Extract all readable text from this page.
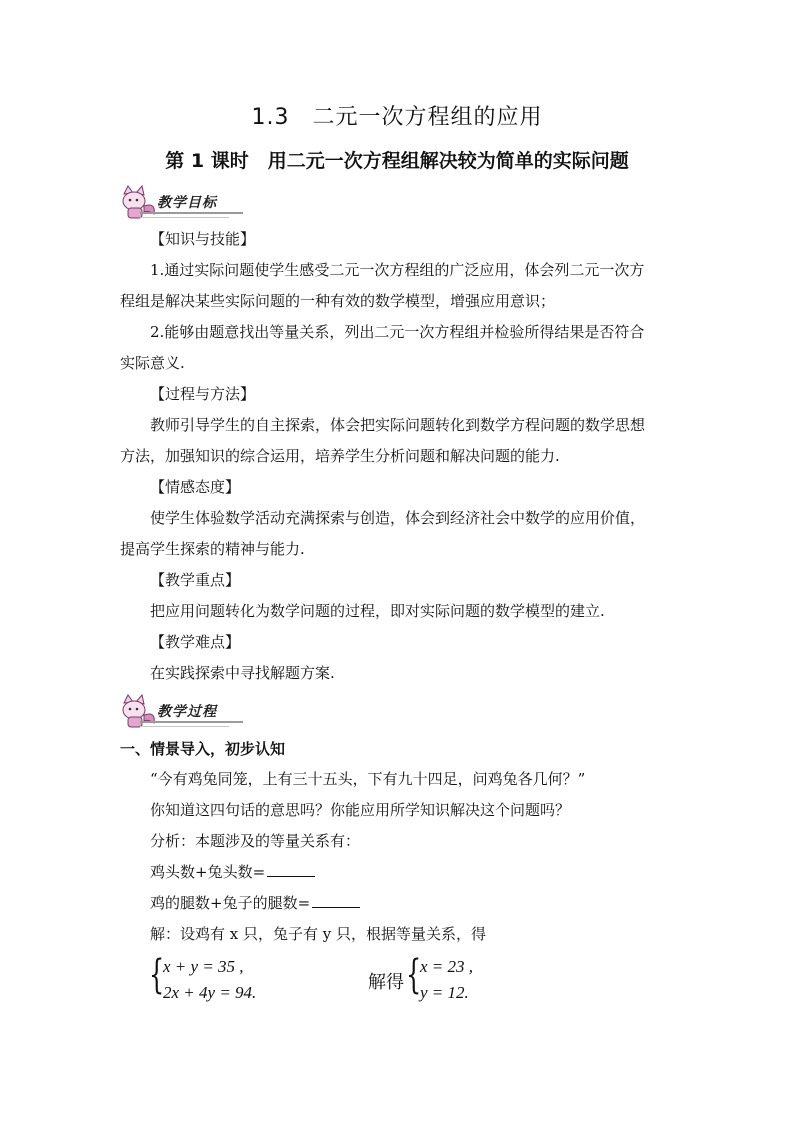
1.3　二元一次方程组的应用
第 1 课时　用二元一次方程组解决较为简单的实际问题
教学目标
【知识与技能】
1.通过实际问题使学生感受二元一次方程组的广泛应用，体会列二元一次方
程组是解决某些实际问题的一种有效的数学模型，增强应用意识；
2.能够由题意找出等量关系，列出二元一次方程组并检验所得结果是否符合
实际意义.
【过程与方法】
教师引导学生的自主探索，体会把实际问题转化到数学方程问题的数学思想
方法，加强知识的综合运用，培养学生分析问题和解决问题的能力.
【情感态度】
使学生体验数学活动充满探索与创造，体会到经济社会中数学的应用价值，
提高学生探索的精神与能力.
【教学重点】
把应用问题转化为数学问题的过程，即对实际问题的数学模型的建立.
【教学难点】
在实践探索中寻找解题方案.
教学过程
一、情景导入，初步认知
“今有鸡兔同笼，上有三十五头，下有九十四足，问鸡兔各几何？”
你知道这四句话的意思吗？你能应用所学知识解决这个问题吗？
分析：本题涉及的等量关系有：
鸡头数+兔头数=
鸡的腿数+兔子的腿数=
解：设鸡有 x 只，兔子有 y 只，根据等量关系，得
{
x + y = 35 ,
2x + 4y = 94.
解得 {
x = 23 ,
y = 12.
